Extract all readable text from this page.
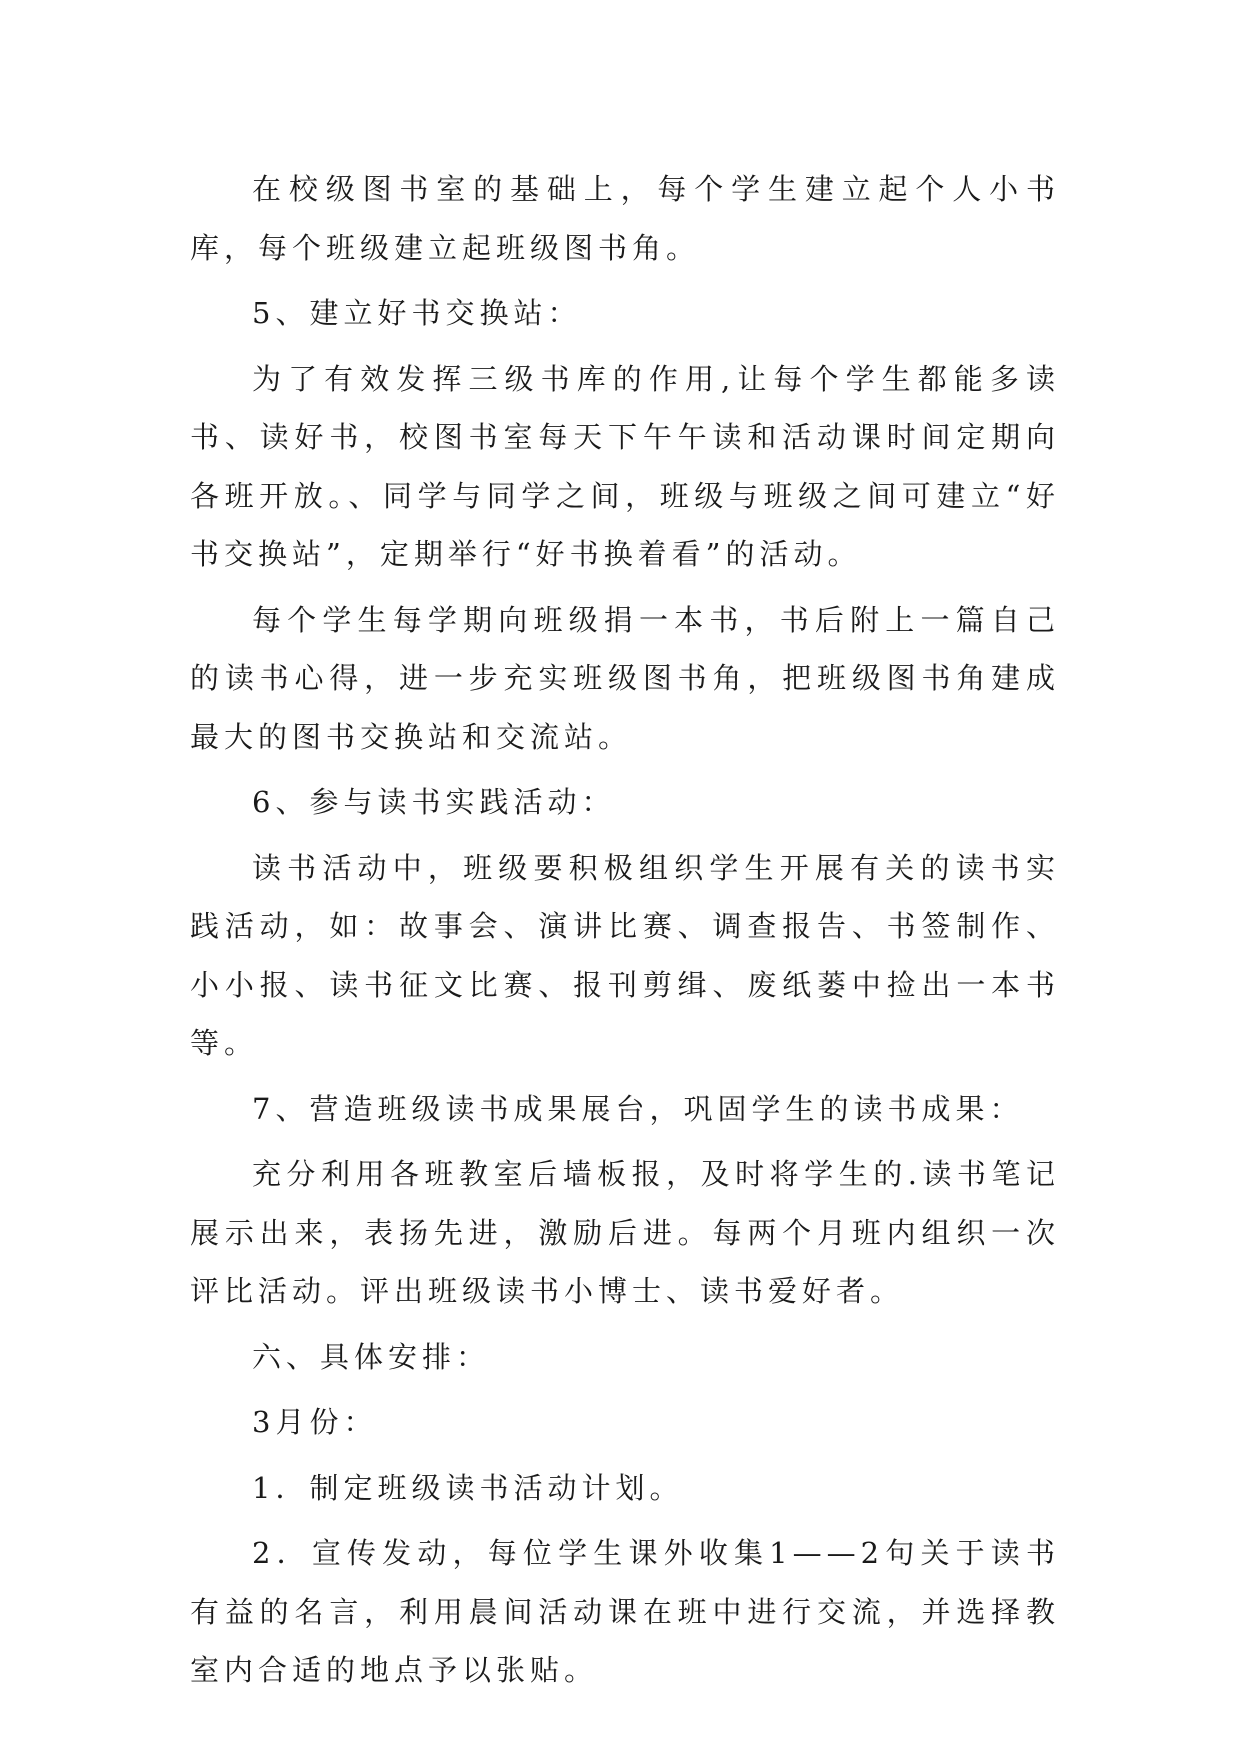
在校级图书室的基础上，每个学生建立起个人小书库，每个班级建立起班级图书角。

5、建立好书交换站：

为了有效发挥三级书库的作用,让每个学生都能多读书、读好书，校图书室每天下午午读和活动课时间定期向各班开放。、同学与同学之间，班级与班级之间可建立“好书交换站”，定期举行“好书换着看”的活动。

每个学生每学期向班级捐一本书，书后附上一篇自己的读书心得，进一步充实班级图书角，把班级图书角建成最大的图书交换站和交流站。

6、参与读书实践活动：

读书活动中，班级要积极组织学生开展有关的读书实践活动，如：故事会、演讲比赛、调查报告、书签制作、小小报、读书征文比赛、报刊剪缉、废纸蒌中捡出一本书等。

7、营造班级读书成果展台，巩固学生的读书成果：

充分利用各班教室后墙板报，及时将学生的.读书笔记展示出来，表扬先进，激励后进。每两个月班内组织一次评比活动。评出班级读书小博士、读书爱好者。

六、具体安排：

3月份：

1．制定班级读书活动计划。

2．宣传发动，每位学生课外收集1——2句关于读书有益的名言，利用晨间活动课在班中进行交流，并选择教室内合适的地点予以张贴。
